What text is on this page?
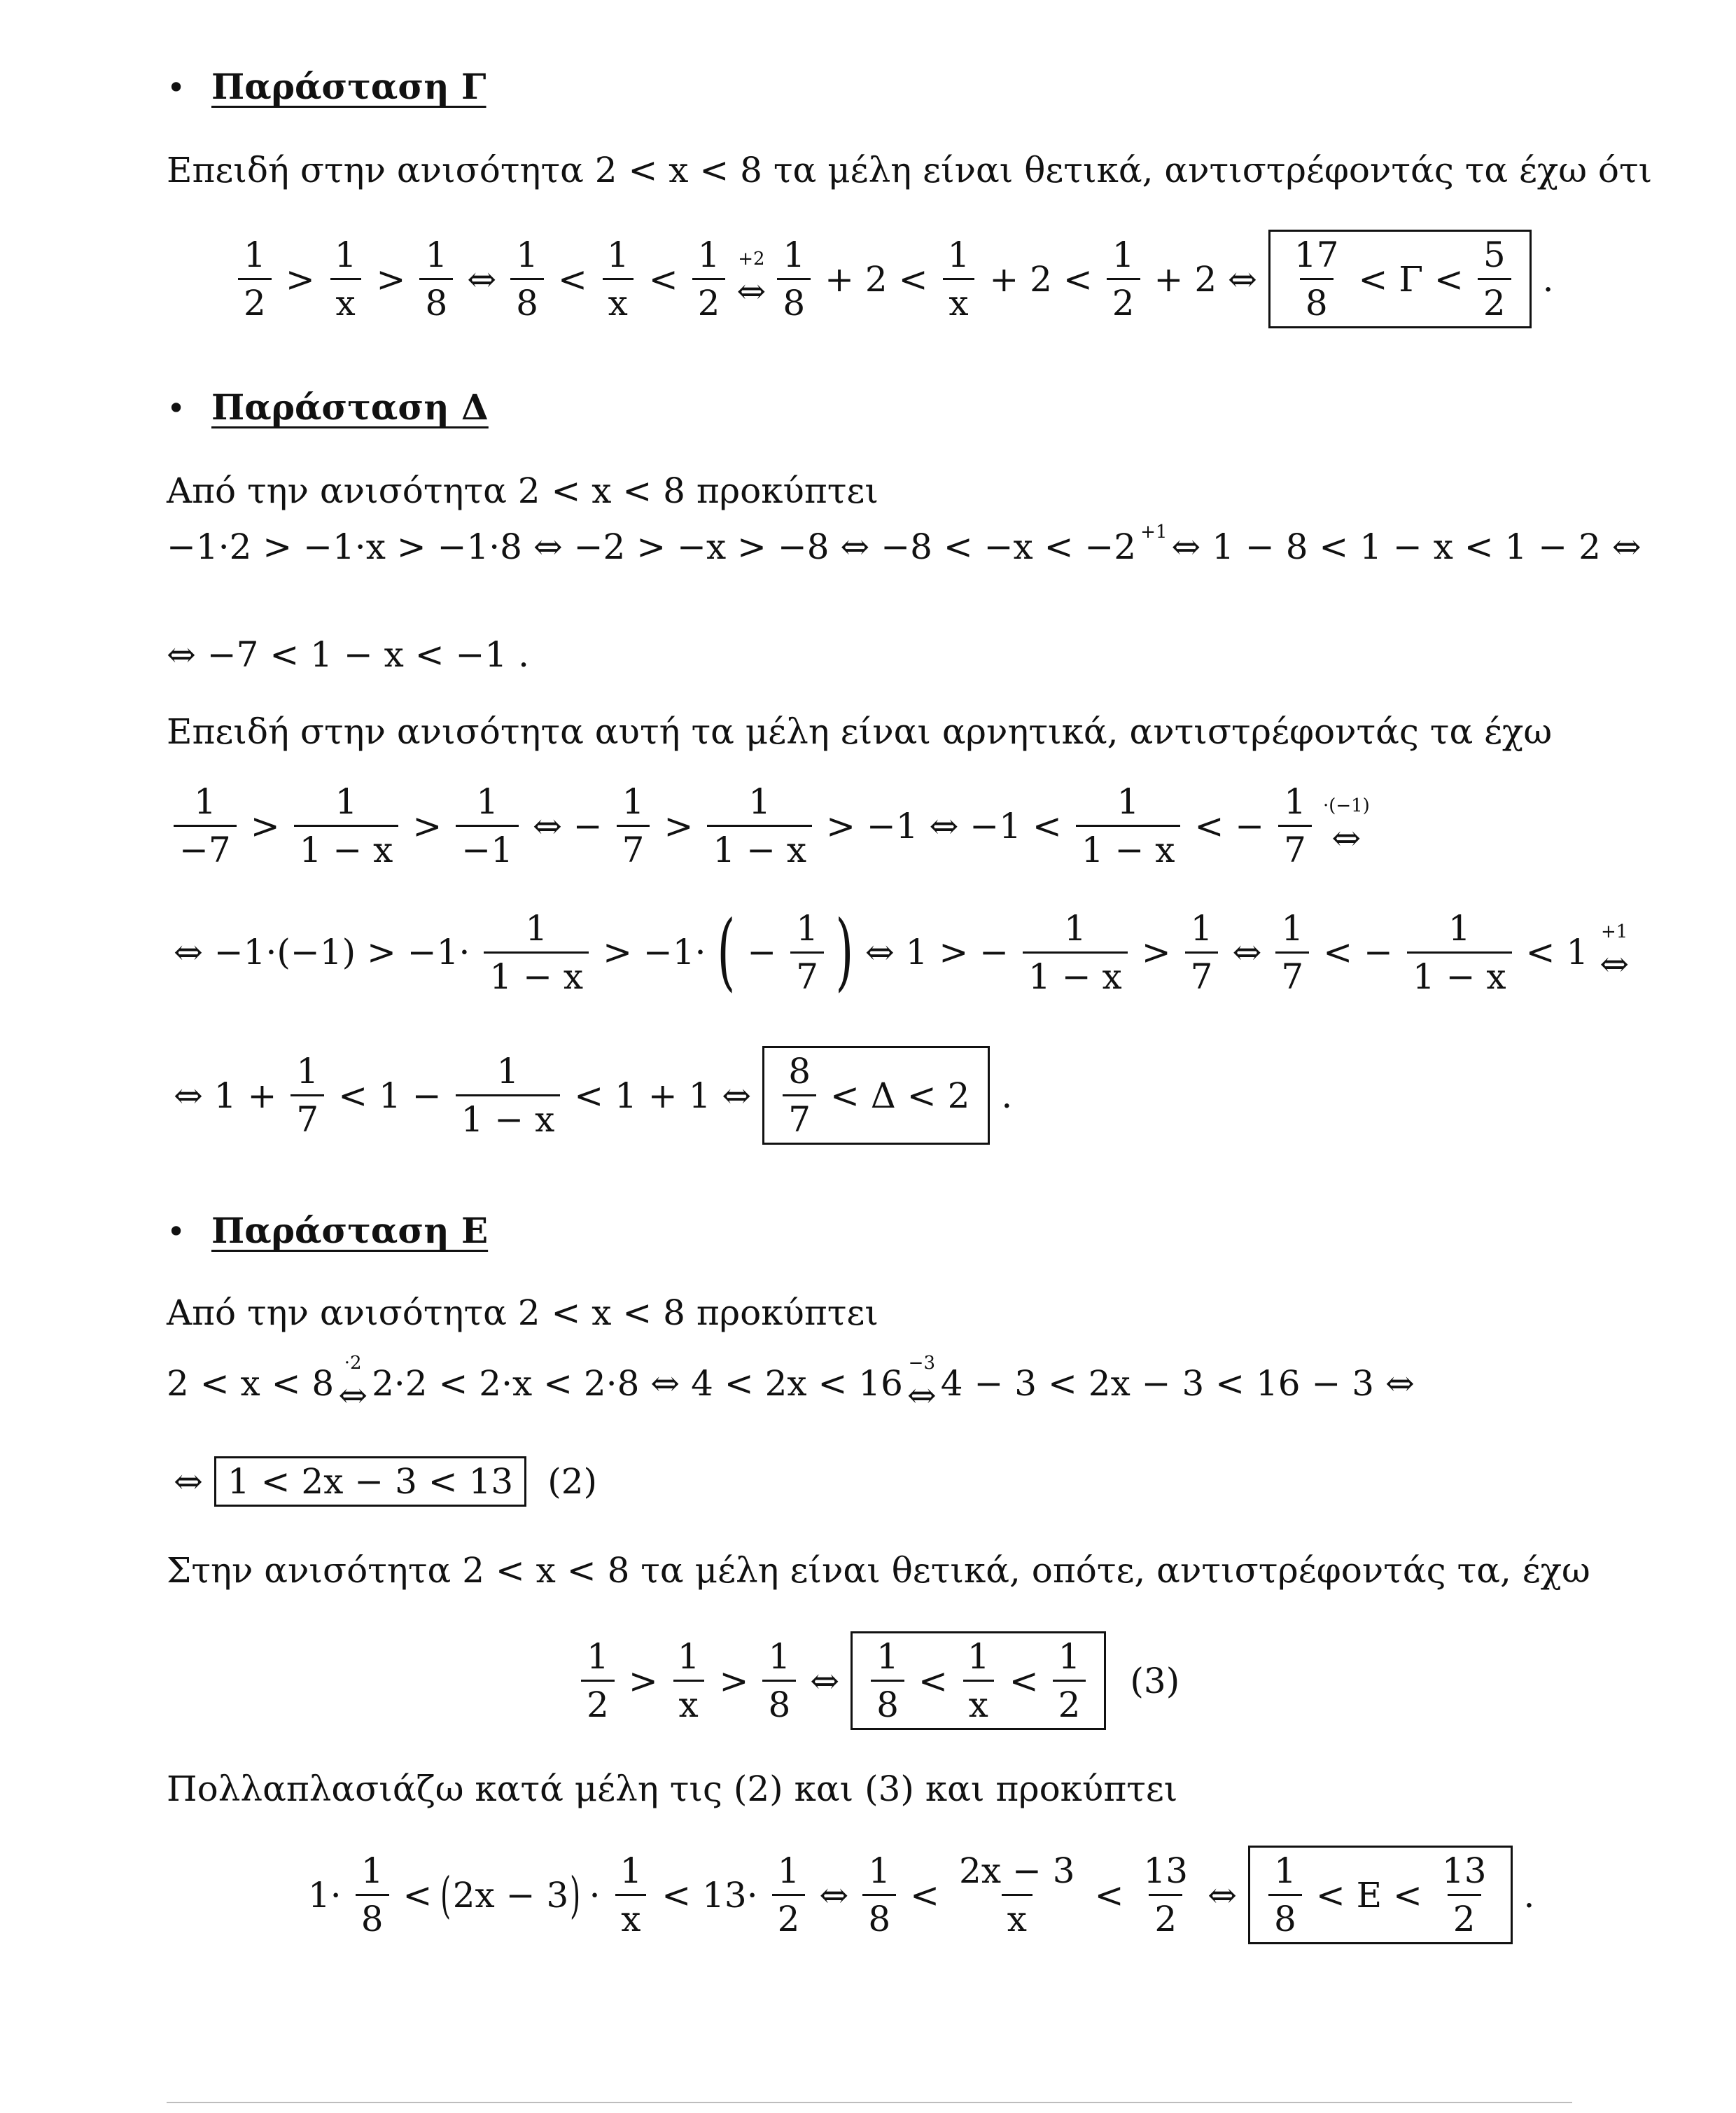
• Παράσταση Γ
Επειδή στην ανισότητα 2 < x < 8 τα μέλη είναι θετικά, αντιστρέφοντάς τα έχω ότι
$\frac{1}{2} > \frac{1}{x} > \frac{1}{8}$ ⇔ $\frac{1}{8} < \frac{1}{x} < \frac{1}{2} +2$
⇔ $\frac{1}{8} + 2 < \frac{1}{x} + 2 < \frac{1}{2} + 2$ ⇔ $\frac{17}{8} < \Gamma < \frac{5}{2}$ .
• Παράσταση Δ
Από την ανισότητα 2 < x < 8 προκύπτει
−1·2 > −1·x > −1·8 ⇔ −2 > −x > −8 ⇔ −8 < −x < −2 +1 ⇔ 1 − 8 < 1 − x < 1 − 2 ⇔
⇔ −7 < 1 − x < −1 .
Επειδή στην ανισότητα αυτή τα μέλη είναι αρνητικά, αντιστρέφοντάς τα έχω
$\frac{1}{-7} > \frac{1}{1 - x} > \frac{1}{-1}$ ⇔ − $\frac{1}{7} > \frac{1}{1 - x} > -1$ ⇔ $-1 < \frac{1}{1 - x}$ < − $\frac{1}{7} \cdot(-1)$
⇔
⇔ $-1\cdot(-1) > -1\cdot \frac{1}{1 - x} > -1\cdot$ ( − $\frac{1}{7}$ ) ⇔ 1 > − $\frac{1}{1 - x} > \frac{1}{7}$ ⇔ $\frac{1}{7}$ < − $\frac{1}{1 - x} < 1 +1$
⇔
⇔ $1 + \frac{1}{7} < 1 - \frac{1}{1 - x} < 1 + 1$ ⇔ $\frac{8}{7} < \Delta < 2$ .
• Παράσταση Ε
Από την ανισότητα 2 < x < 8 προκύπτει
2 < x < 8 ·2
⇔ 2·2 < 2·x < 2·8 ⇔ 4 < 2x < 16 −3
⇔ 4 − 3 < 2x − 3 < 16 − 3 ⇔
⇔ 1 < 2x − 3 < 13 (2)
Στην ανισότητα 2 < x < 8 τα μέλη είναι θετικά, οπότε, αντιστρέφοντάς τα, έχω
$\frac{1}{2} > \frac{1}{x} > \frac{1}{8}$ ⇔ $\frac{1}{8} < \frac{1}{x} < \frac{1}{2} (3)$
Πολλαπλασιάζω κατά μέλη τις (2) και (3) και προκύπτει
$1\cdot \frac{1}{8}$ < ( 2x − 3 ) · $\frac{1}{x} < 13\cdot \frac{1}{2}$ ⇔ $\frac{1}{8} < \frac{2x - 3}{x} < \frac{13}{2}$ ⇔ $\frac{1}{8} < E < \frac{13}{2}$ .
